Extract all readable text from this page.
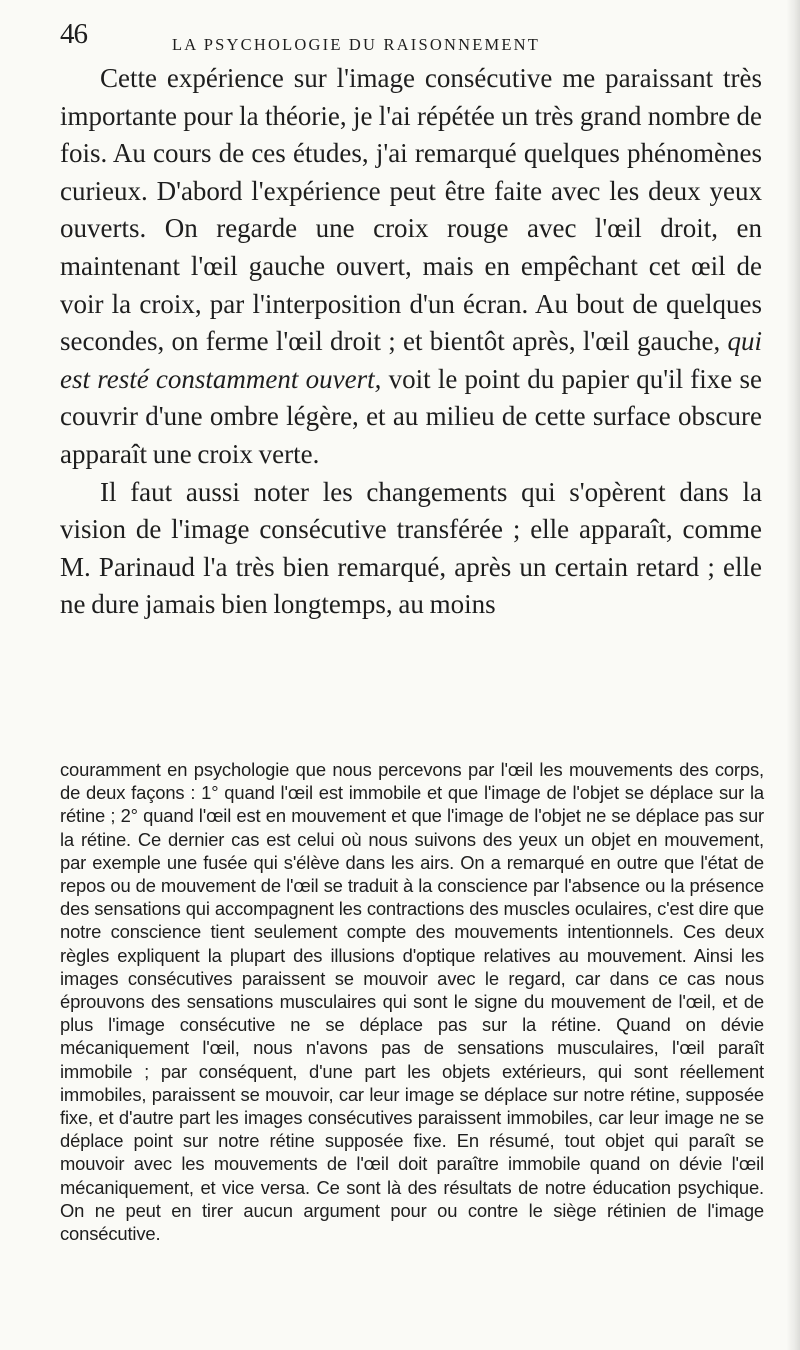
46	LA PSYCHOLOGIE DU RAISONNEMENT

Cette expérience sur l'image consécutive me paraissant très importante pour la théorie, je l'ai répétée un très grand nombre de fois. Au cours de ces études, j'ai remarqué quelques phénomènes curieux. D'abord l'expérience peut être faite avec les deux yeux ouverts. On regarde une croix rouge avec l'œil droit, en maintenant l'œil gauche ouvert, mais en empêchant cet œil de voir la croix, par l'interposition d'un écran. Au bout de quelques secondes, on ferme l'œil droit ; et bientôt après, l'œil gauche, qui est resté constamment ouvert, voit le point du papier qu'il fixe se couvrir d'une ombre légère, et au milieu de cette surface obscure apparaît une croix verte.

Il faut aussi noter les changements qui s'opèrent dans la vision de l'image consécutive transférée ; elle apparaît, comme M. Parinaud l'a très bien remarqué, après un certain retard ; elle ne dure jamais bien longtemps, au moins

couramment en psychologie que nous percevons par l'œil les mouvements des corps, de deux façons : 1° quand l'œil est immobile et que l'image de l'objet se déplace sur la rétine ; 2° quand l'œil est en mouvement et que l'image de l'objet ne se déplace pas sur la rétine. Ce dernier cas est celui où nous suivons des yeux un objet en mouvement, par exemple une fusée qui s'élève dans les airs. On a remarqué en outre que l'état de repos ou de mouvement de l'œil se traduit à la conscience par l'absence ou la présence des sensations qui accompagnent les contractions des muscles oculaires, c'est dire que notre conscience tient seulement compte des mouvements intentionnels. Ces deux règles expliquent la plupart des illusions d'optique relatives au mouvement. Ainsi les images consécutives paraissent se mouvoir avec le regard, car dans ce cas nous éprouvons des sensations musculaires qui sont le signe du mouvement de l'œil, et de plus l'image consécutive ne se déplace pas sur la rétine. Quand on dévie mécaniquement l'œil, nous n'avons pas de sensations musculaires, l'œil paraît immobile ; par conséquent, d'une part les objets extérieurs, qui sont réellement immobiles, paraissent se mouvoir, car leur image se déplace sur notre rétine, supposée fixe, et d'autre part les images consécutives paraissent immobiles, car leur image ne se déplace point sur notre rétine supposée fixe. En résumé, tout objet qui paraît se mouvoir avec les mouvements de l'œil doit paraître immobile quand on dévie l'œil mécaniquement, et vice versa. Ce sont là des résultats de notre éducation psychique. On ne peut en tirer aucun argument pour ou contre le siège rétinien de l'image consécutive.
